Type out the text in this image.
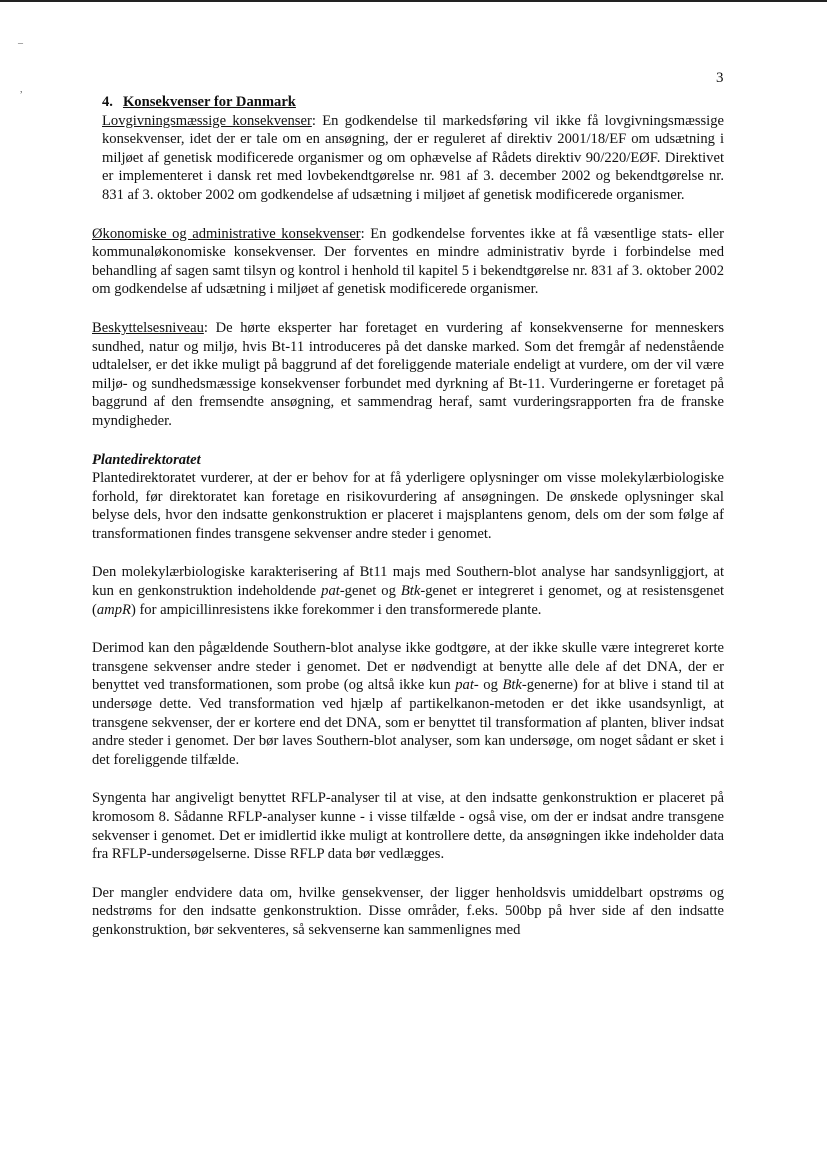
3
4. Konsekvenser for Danmark

Lovgivningsmæssige konsekvenser: En godkendelse til markedsføring vil ikke få lovgivningsmæssige konsekvenser, idet der er tale om en ansøgning, der er reguleret af direktiv 2001/18/EF om udsætning i miljøet af genetisk modificerede organismer og om ophævelse af Rådets direktiv 90/220/EØF. Direktivet er implementeret i dansk ret med lovbekendtgørelse nr. 981 af 3. december 2002 og bekendtgørelse nr. 831 af 3. oktober 2002 om godkendelse af udsætning i miljøet af genetisk modificerede organismer.

Økonomiske og administrative konsekvenser: En godkendelse forventes ikke at få væsentlige stats- eller kommunaløkonomiske konsekvenser. Der forventes en mindre administrativ byrde i forbindelse med behandling af sagen samt tilsyn og kontrol i henhold til kapitel 5 i bekendtgørelse nr. 831 af 3. oktober 2002 om godkendelse af udsætning i miljøet af genetisk modificerede organismer.

Beskyttelsesniveau: De hørte eksperter har foretaget en vurdering af konsekvenserne for menneskers sundhed, natur og miljø, hvis Bt-11 introduceres på det danske marked. Som det fremgår af nedenstående udtalelser, er det ikke muligt på baggrund af det foreliggende materiale endeligt at vurdere, om der vil være miljø- og sundhedsmæssige konsekvenser forbundet med dyrkning af Bt-11. Vurderingerne er foretaget på baggrund af den fremsendte ansøgning, et sammendrag heraf, samt vurderingsrapporten fra de franske myndigheder.

Plantedirektoratet

Plantedirektoratet vurderer, at der er behov for at få yderligere oplysninger om visse molekylærbiologiske forhold, før direktoratet kan foretage en risikovurdering af ansøgningen. De ønskede oplysninger skal belyse dels, hvor den indsatte genkonstruktion er placeret i majsplantens genom, dels om der som følge af transformationen findes transgene sekvenser andre steder i genomet.

Den molekylærbiologiske karakterisering af Bt11 majs med Southern-blot analyse har sandsynliggjort, at kun en genkonstruktion indeholdende pat-genet og Btk-genet er integreret i genomet, og at resistensgenet (ampR) for ampicillinresistens ikke forekommer i den transformerede plante.

Derimod kan den pågældende Southern-blot analyse ikke godtgøre, at der ikke skulle være integreret korte transgene sekvenser andre steder i genomet. Det er nødvendigt at benytte alle dele af det DNA, der er benyttet ved transformationen, som probe (og altså ikke kun pat- og Btk-generne) for at blive i stand til at undersøge dette. Ved transformation ved hjælp af partikelkanon-metoden er det ikke usandsynligt, at transgene sekvenser, der er kortere end det DNA, som er benyttet til transformation af planten, bliver indsat andre steder i genomet. Der bør laves Southern-blot analyser, som kan undersøge, om noget sådant er sket i det foreliggende tilfælde.

Syngenta har angiveligt benyttet RFLP-analyser til at vise, at den indsatte genkonstruktion er placeret på kromosom 8. Sådanne RFLP-analyser kunne - i visse tilfælde - også vise, om der er indsat andre transgene sekvenser i genomet. Det er imidlertid ikke muligt at kontrollere dette, da ansøgningen ikke indeholder data fra RFLP-undersøgelserne. Disse RFLP data bør vedlægges.

Der mangler endvidere data om, hvilke gensekvenser, der ligger henholdsvis umiddelbart opstrøms og nedstrøms for den indsatte genkonstruktion. Disse områder, f.eks. 500bp på hver side af den indsatte genkonstruktion, bør sekventeres, så sekvenserne kan sammenlignes med

‒
,
